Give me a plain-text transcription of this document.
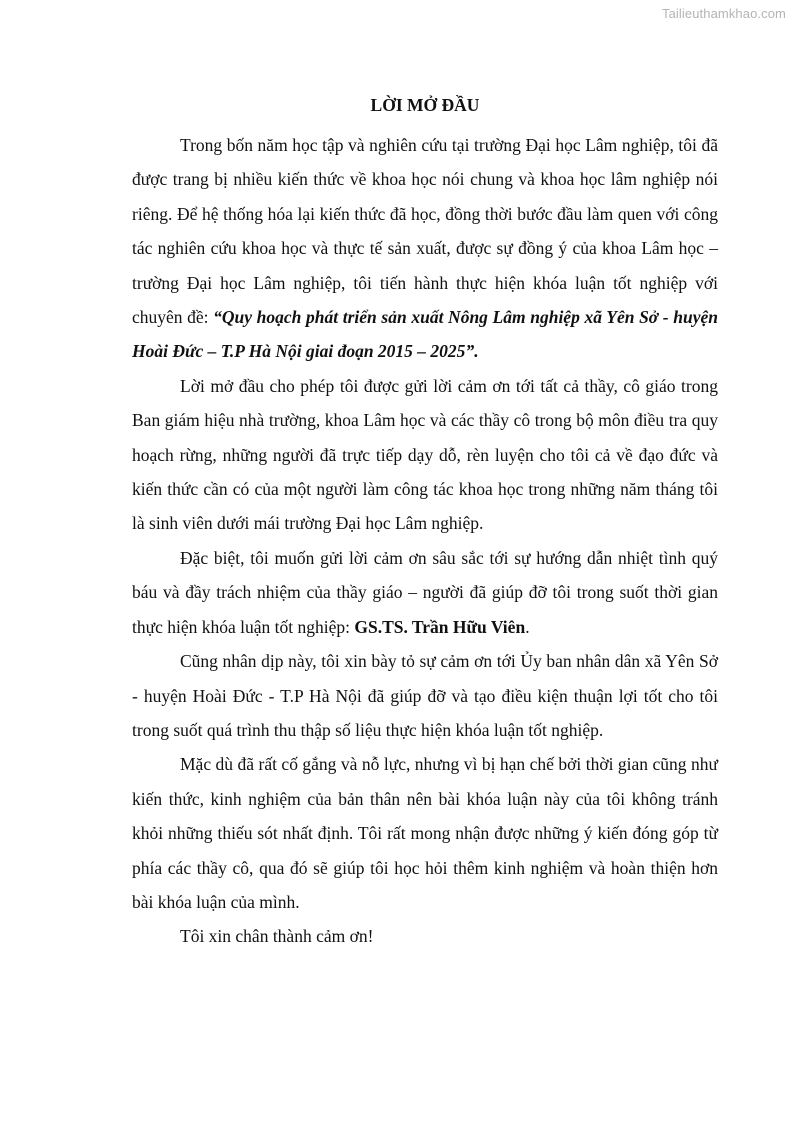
Tailieuthamkhao.com
LỜI MỞ ĐẦU

Trong bốn năm học tập và nghiên cứu tại trường Đại học Lâm nghiệp, tôi đã được trang bị nhiều kiến thức về khoa học nói chung và khoa học lâm nghiệp nói riêng. Để hệ thống hóa lại kiến thức đã học, đồng thời bước đầu làm quen với công tác nghiên cứu khoa học và thực tế sản xuất, được sự đồng ý của khoa Lâm học – trường Đại học Lâm nghiệp, tôi tiến hành thực hiện khóa luận tốt nghiệp với chuyên đề: “Quy hoạch phát triển sản xuất Nông Lâm nghiệp xã Yên Sở - huyện Hoài Đức – T.P Hà Nội giai đoạn 2015 – 2025”.

Lời mở đầu cho phép tôi được gửi lời cảm ơn tới tất cả thầy, cô giáo trong Ban giám hiệu nhà trường, khoa Lâm học và các thầy cô trong bộ môn điều tra quy hoạch rừng, những người đã trực tiếp dạy dỗ, rèn luyện cho tôi cả về đạo đức và kiến thức cần có của một người làm công tác khoa học trong những năm tháng tôi là sinh viên dưới mái trường Đại học Lâm nghiệp.

Đặc biệt, tôi muốn gửi lời cảm ơn sâu sắc tới sự hướng dẫn nhiệt tình quý báu và đầy trách nhiệm của thầy giáo – người đã giúp đỡ tôi trong suốt thời gian thực hiện khóa luận tốt nghiệp: GS.TS. Trần Hữu Viên.

Cũng nhân dịp này, tôi xin bày tỏ sự cảm ơn tới Ủy ban nhân dân xã Yên Sở - huyện Hoài Đức - T.P Hà Nội đã giúp đỡ và tạo điều kiện thuận lợi tốt cho tôi trong suốt quá trình thu thập số liệu thực hiện khóa luận tốt nghiệp.

Mặc dù đã rất cố gắng và nỗ lực, nhưng vì bị hạn chế bởi thời gian cũng như kiến thức, kinh nghiệm của bản thân nên bài khóa luận này của tôi không tránh khỏi những thiếu sót nhất định. Tôi rất mong nhận được những ý kiến đóng góp từ phía các thầy cô, qua đó sẽ giúp tôi học hỏi thêm kinh nghiệm và hoàn thiện hơn bài khóa luận của mình.

Tôi xin chân thành cảm ơn!
